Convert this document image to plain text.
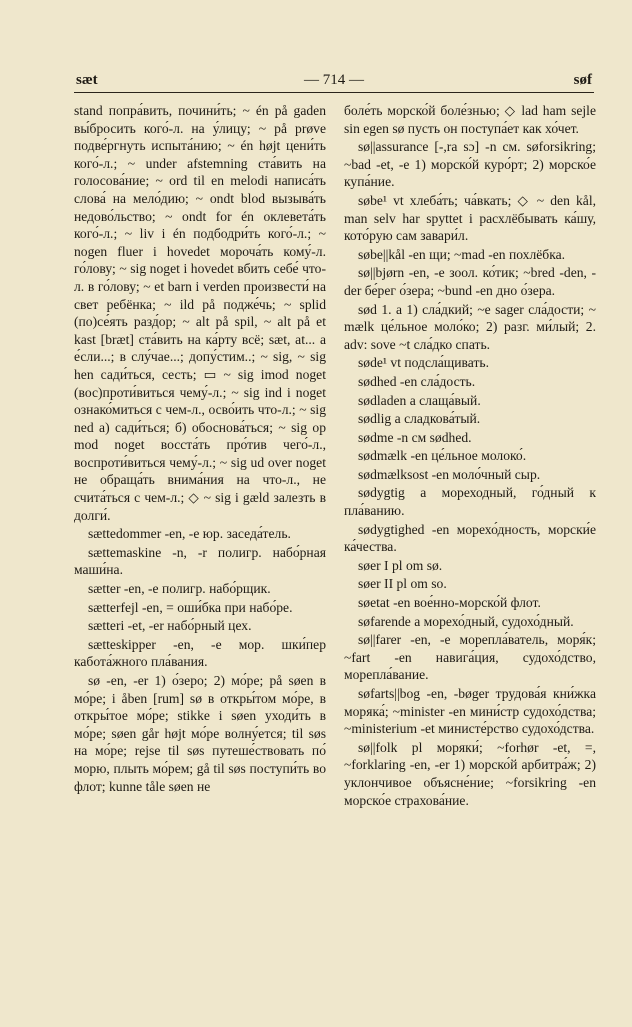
sæt	— 714 —	søf

stand попра́вить, почини́ть; ~ én på gaden вы́бросить кого́-л. на у́лицу; ~ på prøve подве́ргнуть испыта́нию; ~ én højt цени́ть кого́-л.; ~ under afstemning ста́вить на голосова́ние; ~ ord til en melodi написа́ть слова́ на мело́дию; ~ ondt blod вызыва́ть недово́льство; ~ ondt for én оклевета́ть кого́-л.; ~ liv i én подбодри́ть кого́-л.; ~ nogen fluer i hovedet мороча́ть кому́-л. го́лову; ~ sig noget i hovedet вбить себе́ что-л. в го́лову; ~ et barn i verden произвести́ на свет ребёнка; ~ ild på подже́чь; ~ splid (по)се́ять разд́ор; ~ alt på spil, ~ alt på et kast [bræt] ста́вить на ка́рту всё; sæt, at... а е́сли...; в слу́чае...; допу́стим..; ~ sig, ~ sig hen сади́ться, сесть; ▭ ~ sig imod noget (вос)проти́виться чему́-л.; ~ sig ind i noget ознако́миться с чем-л., осво́ить что-л.; ~ sig ned a) сади́ться; б) обоснова́ться; ~ sig op mod noget восста́ть про́тив чего́-л., воспроти́виться чему́-л.; ~ sig ud over noget не обраща́ть внима́ния на что-л., не счита́ться с чем-л.; ◇ ~ sig i gæld залезть в долги́.

sættedommer -en, -e юр. заседа́тель.

sættemaskine -n, -r полигр. набо́рная маши́на.

sætter -en, -e полигр. набо́рщик.

sætterfejl -en, = оши́бка при набо́ре.

sætteri -et, -er набо́рный цех.

sætteskipper -en, -e мор. шки́пер кабота́жного пла́вания.

sø -en, -er 1) о́зеро; 2) мо́ре; på søen в мо́ре; i åben [rum] sø в откры́том мо́ре, в откры́тое мо́ре; stikke i søen уходи́ть в мо́ре; søen går højt мо́ре волну́ется; til søs на мо́ре; rejse til søs путеше́ствовать по́ морю, плыть мо́рем; gå til søs поступи́ть во флот; kunne tåle søen не

боле́ть морско́й боле́знью; ◇ lad ham sejle sin egen sø пусть он поступа́ет как хо́чет.

sø||assurance [-,ra sɔ] -n см. søforsikring; ~bad -et, -e 1) морско́й куро́рт; 2) морско́е купа́ние.

søbe¹ vt хлеба́ть; ча́вкать; ◇ ~ den kål, man selv har spyttet i расхлёбывать ка́шу, кото́рую сам завари́л.

søbe||kål -en щи; ~mad -en похлёбка.

sø||bjørn -en, -e зоол. ко́тик; ~bred -den, -der бе́рег о́зера; ~bund -en дно о́зера.

sød 1. a 1) сла́дкий; ~e sager сла́дости; ~ mælk це́льное моло́ко; 2) разг. ми́лый; 2. adv: sove ~t сла́дко спать.

søde¹ vt подсла́щивать.

sødhed -en сла́дость.

sødladen a слаща́вый.

sødlig a сладкова́тый.

sødme -n см sødhed.

sødmælk -en це́льное молоко́.

sødmælksost -en моло́чный сыр.

sødygtig a мореходный, го́дный к пла́ванию.

sødygtighed -en морехо́дность, морски́е ка́чества.

søer I pl om sø.

søer II pl om so.

søetat -en вое́нно-морско́й флот.

søfarende a морехо́дный, судохо́дный.

sø||farer -en, -e морепла́ватель, моря́к; ~fart -en навига́ция, судохо́дство, морепла́вание.

søfarts||bog -en, -bøger трудова́я кни́жка моряка́; ~minister -en мини́стр судохо́дства; ~ministerium -et министе́рство судохо́дства.

sø||folk pl моряки́; ~forhør -et, =, ~forklaring -en, -er 1) морско́й арбитра́ж; 2) уклончивое объясне́ние; ~forsikring -en морско́е страхова́ние.
